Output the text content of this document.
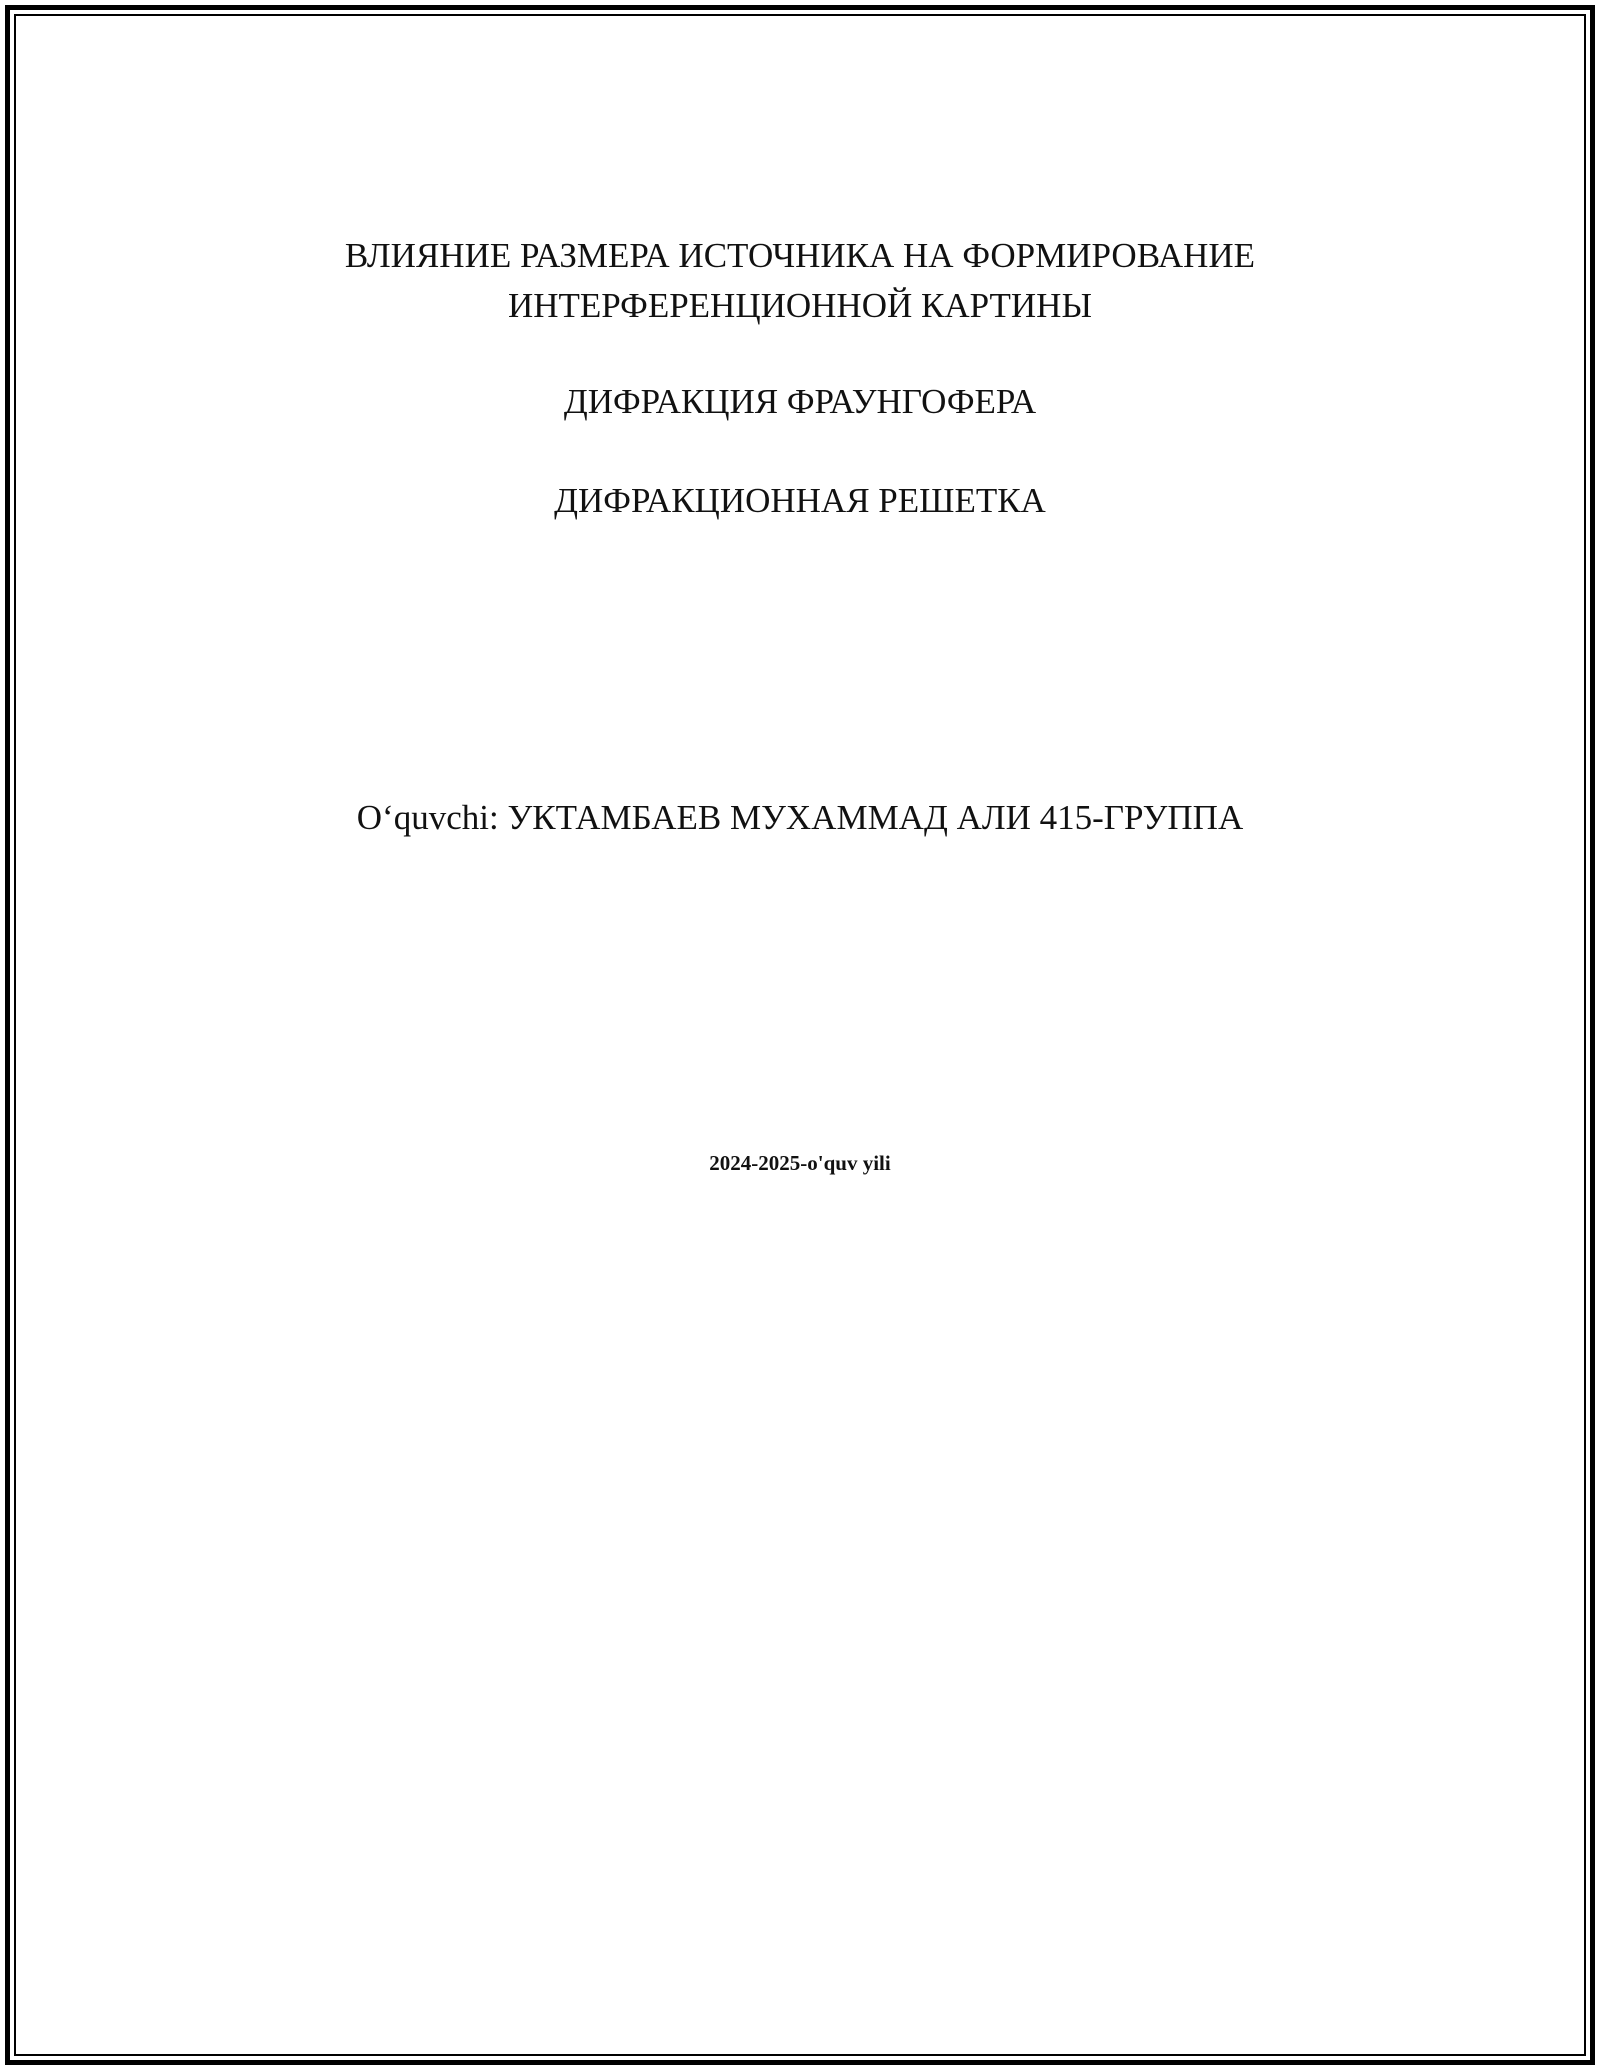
ВЛИЯНИЕ РАЗМЕРА ИСТОЧНИКА НА ФОРМИРОВАНИЕ
ИНТЕРФЕРЕНЦИОННОЙ КАРТИНЫ
ДИФРАКЦИЯ ФРАУНГОФЕРА
ДИФРАКЦИОННАЯ РЕШЕТКА
O‘quvchi: УКТАМБАЕВ МУХАММАД АЛИ 415-ГРУППА
2024-2025-o'quv yili
